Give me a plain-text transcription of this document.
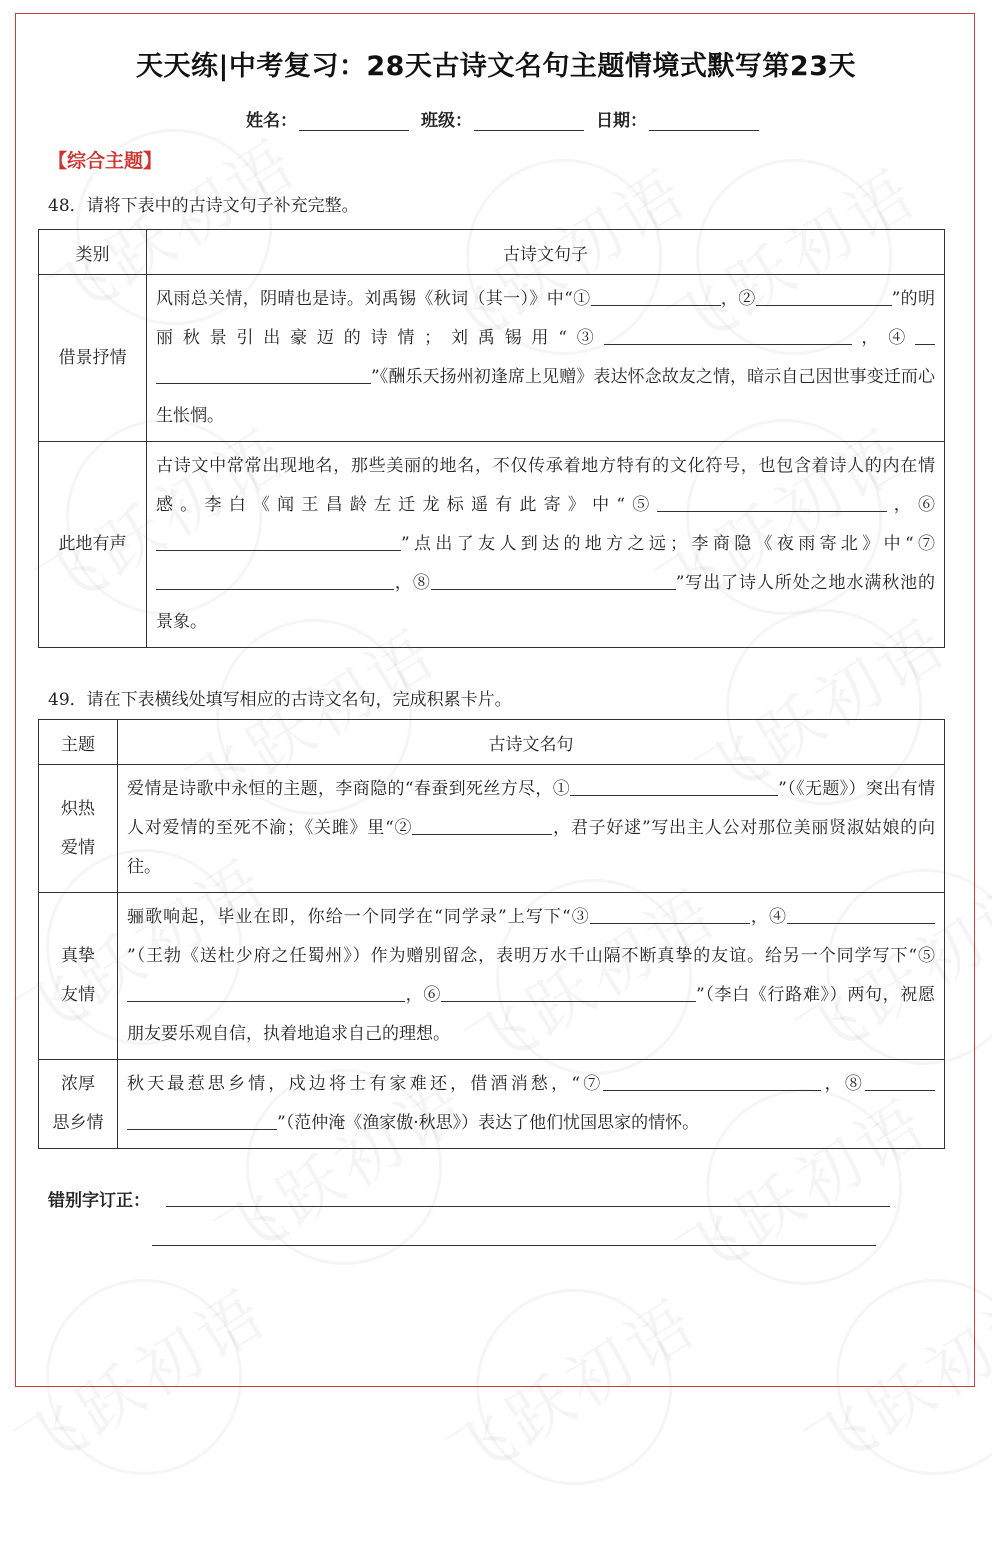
天天练|中考复习：28天古诗文名句主题情境式默写第23天
姓名：	班级：	日期：
【综合主题】
48．请将下表中的古诗文句子补充完整。
类别	古诗文句子
借景抒情	风雨总关情，阴晴也是诗。刘禹锡《秋词（其一）》中“① ，② ”的明丽秋景引出豪迈的诗情；刘禹锡用“③ ，④”《酬乐天扬州初逢席上见赠》表达怀念故友之情，暗示自己因世事变迁而心生怅惘。
此地有声	古诗文中常常出现地名，那些美丽的地名，不仅传承着地方特有的文化符号，也包含着诗人的内在情感。李白《闻王昌龄左迁龙标遥有此寄》中“⑤ ，⑥”点出了友人到达的地方之远；李商隐《夜雨寄北》中“⑦，⑧ ”写出了诗人所处之地水满秋池的景象。
49．请在下表横线处填写相应的古诗文名句，完成积累卡片。
主题	古诗文名句
炽热
爱情	爱情是诗歌中永恒的主题，李商隐的“春蚕到死丝方尽，① ”（《无题》）突出有情人对爱情的至死不渝；《关雎》里“② ，君子好逑”写出主人公对那位美丽贤淑姑娘的向往。
真挚
友情	骊歌响起，毕业在即，你给一个同学在“同学录”上写下“③ ，④”（王勃《送杜少府之任蜀州》）作为赠别留念，表明万水千山隔不断真挚的友谊。给另一个同学写下“⑤，⑥ ”（李白《行路难》）两句，祝愿朋友要乐观自信，执着地追求自己的理想。
浓厚
思乡情	秋天最惹思乡情，戍边将士有家难还，借酒消愁，“⑦ ，⑧”（范仲淹《渔家傲·秋思》）表达了他们忧国思家的情怀。
错别字订正：
